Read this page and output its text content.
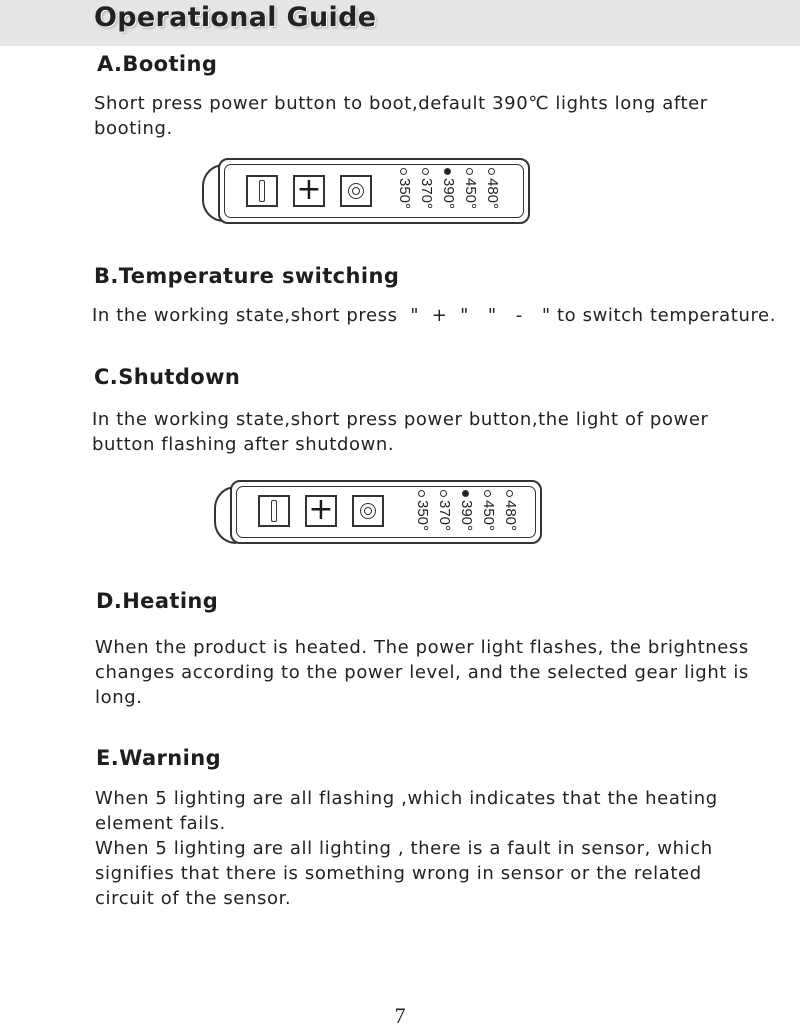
Operational Guide
A.Booting

Short press power button to boot,default 390℃ lights long after

booting.

+	350° 370° 390° 450° 480°
B.Temperature switching

In the working state,short press  "  +  "   "   -   " to switch temperature.

C.Shutdown

In the working state,short press power button,the light of power

button flashing after shutdown.

+	350° 370° 390° 450° 480°
D.Heating

When the product is heated. The power light flashes, the brightness

changes according to the power level, and the selected gear light is

long.

E.Warning

When 5 lighting are all flashing ,which indicates that the heating

element fails.

When 5 lighting are all lighting , there is a fault in sensor, which

signifies that there is something wrong in sensor or the related

circuit of the sensor.

7
